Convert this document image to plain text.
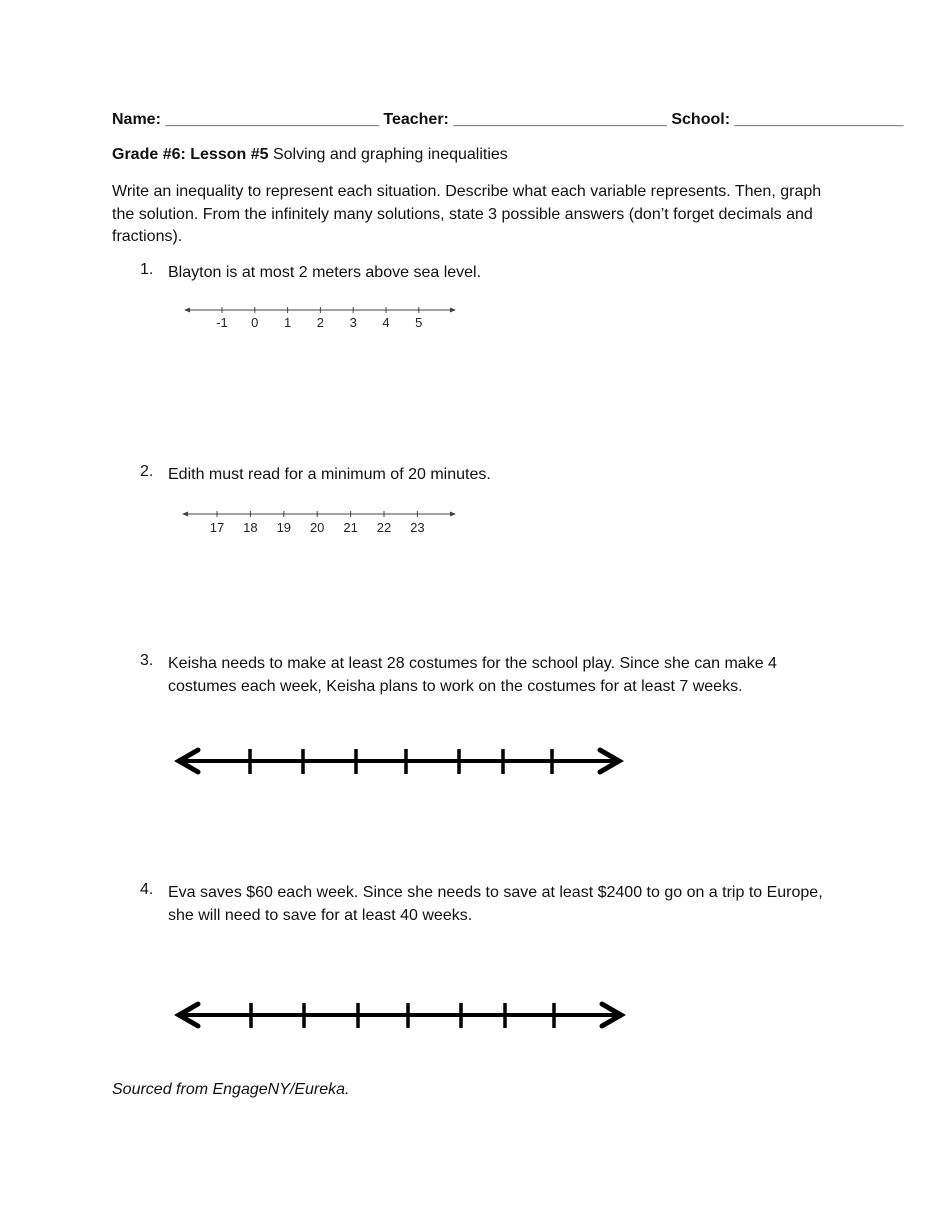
Name: ________________________ Teacher: ________________________ School: ___________________
Grade #6: Lesson #5 Solving and graphing inequalities
Write an inequality to represent each situation. Describe what each variable represents. Then, graph the solution. From the infinitely many solutions, state 3 possible answers (don’t forget decimals and fractions).
1. Blayton is at most 2 meters above sea level.
-1 0 1 2 3 4 5
2. Edith must read for a minimum of 20 minutes.
17 18 19 20 21 22 23
3. Keisha needs to make at least 28 costumes for the school play. Since she can make 4 costumes each week, Keisha plans to work on the costumes for at least 7 weeks.
4. Eva saves $60 each week. Since she needs to save at least $2400 to go on a trip to Europe, she will need to save for at least 40 weeks.
Sourced from EngageNY/Eureka.
